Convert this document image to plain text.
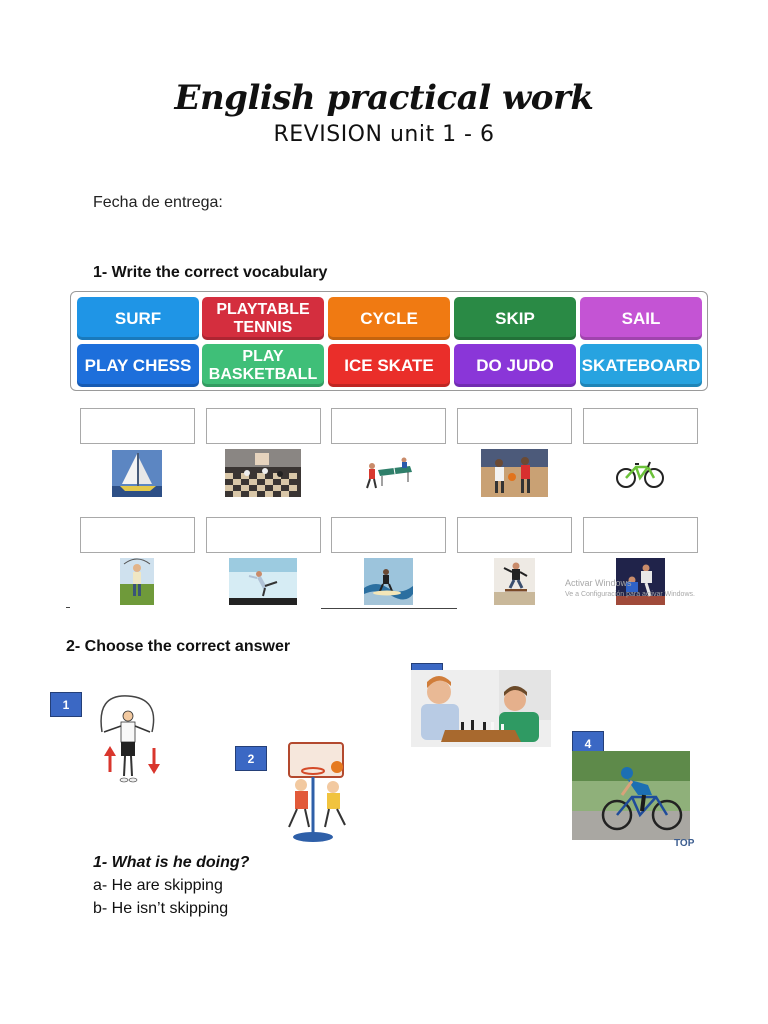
English practical work
REVISION unit 1 - 6
Fecha de entrega:
1- Write the correct vocabulary
SURF	PLAYTABLE TENNIS	CYCLE	SKIP	SAIL
PLAY CHESS	PLAY BASKETBALL	ICE SKATE	DO JUDO	SKATEBOARD
Activar Windows
Ve a Configuración para activar Windows.
2- Choose the correct answer
1
2
4
TOP
1- What is he doing?
a- He are skipping
b- He isn’t skipping
